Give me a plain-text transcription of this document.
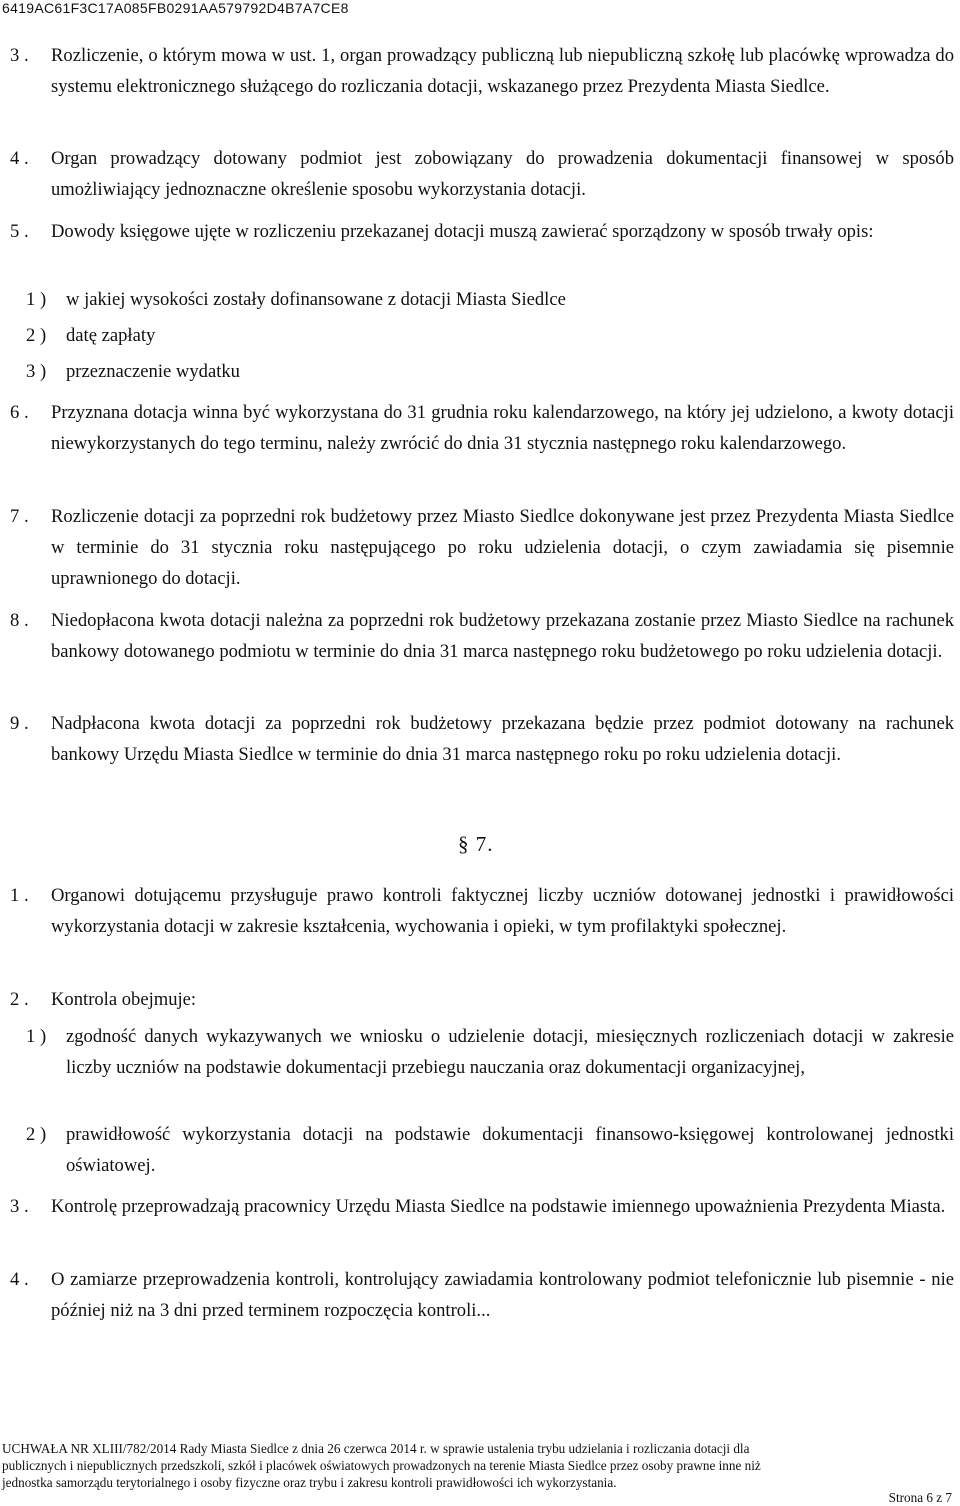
6419AC61F3C17A085FB0291AA579792D4B7A7CE8
3 . Rozliczenie, o którym mowa w ust. 1, organ prowadzący publiczną lub niepubliczną szkołę lub placówkę wprowadza do systemu elektronicznego służącego do rozliczania dotacji, wskazanego przez Prezydenta Miasta Siedlce.
4 . Organ prowadzący dotowany podmiot jest zobowiązany do prowadzenia dokumentacji finansowej w sposób umożliwiający jednoznaczne określenie sposobu wykorzystania dotacji.
5 . Dowody księgowe ujęte w rozliczeniu przekazanej dotacji muszą zawierać sporządzony w sposób trwały opis:
1 ) w jakiej wysokości zostały dofinansowane z dotacji Miasta Siedlce
2 ) datę zapłaty
3 ) przeznaczenie wydatku
6 . Przyznana dotacja winna być wykorzystana do 31 grudnia roku kalendarzowego, na który jej udzielono, a kwoty dotacji niewykorzystanych do tego terminu, należy zwrócić do dnia 31 stycznia następnego roku kalendarzowego.
7 . Rozliczenie dotacji za poprzedni rok budżetowy przez Miasto Siedlce dokonywane jest przez Prezydenta Miasta Siedlce w terminie do 31 stycznia roku następującego po roku udzielenia dotacji, o czym zawiadamia się pisemnie uprawnionego do dotacji.
8 . Niedopłacona kwota dotacji należna za poprzedni rok budżetowy przekazana zostanie przez Miasto Siedlce na rachunek bankowy dotowanego podmiotu w terminie do dnia 31 marca następnego roku budżetowego po roku udzielenia dotacji.
9 . Nadpłacona kwota dotacji za poprzedni rok budżetowy przekazana będzie przez podmiot dotowany na rachunek bankowy Urzędu Miasta Siedlce w terminie do dnia 31 marca następnego roku po roku udzielenia dotacji.
§ 7.
1 . Organowi dotującemu przysługuje prawo kontroli faktycznej liczby uczniów dotowanej jednostki i prawidłowości wykorzystania dotacji w zakresie kształcenia, wychowania i opieki, w tym profilaktyki społecznej.
2 . Kontrola obejmuje:
1 ) zgodność danych wykazywanych we wniosku o udzielenie dotacji, miesięcznych rozliczeniach dotacji w zakresie liczby uczniów na podstawie dokumentacji przebiegu nauczania oraz dokumentacji organizacyjnej,
2 ) prawidłowość wykorzystania dotacji na podstawie dokumentacji finansowo-księgowej kontrolowanej jednostki oświatowej.
3 . Kontrolę przeprowadzają pracownicy Urzędu Miasta Siedlce na podstawie imiennego upoważnienia Prezydenta Miasta.
4 . O zamiarze przeprowadzenia kontroli, kontrolujący zawiadamia kontrolowany podmiot telefonicznie lub pisemnie - nie później niż na 3 dni przed terminem rozpoczęcia kontroli...
UCHWAŁA NR XLIII/782/2014 Rady Miasta Siedlce z dnia 26 czerwca 2014 r. w sprawie ustalenia trybu udzielania i rozliczania dotacji dla
publicznych i niepublicznych przedszkoli, szkół i placówek oświatowych prowadzonych na terenie Miasta Siedlce przez osoby prawne inne niż
jednostka samorządu terytorialnego i osoby fizyczne oraz trybu i zakresu kontroli prawidłowości ich wykorzystania.
Strona 6 z 7
